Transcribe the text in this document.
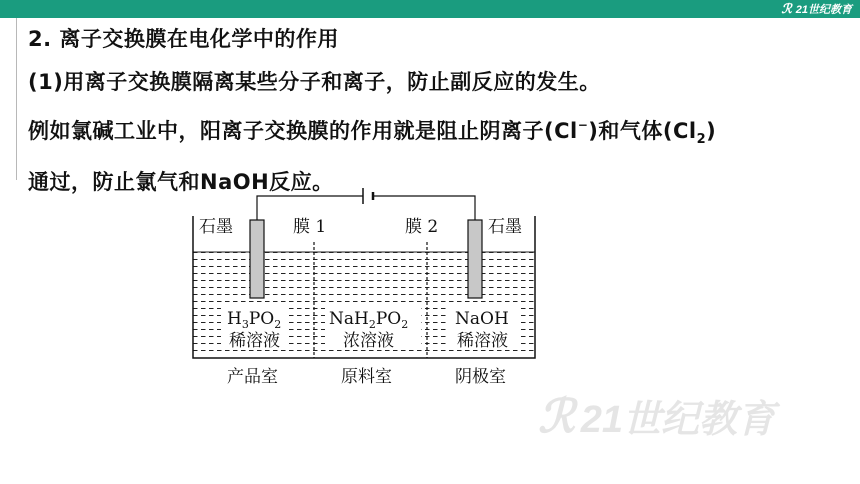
ℛ 21世纪教育
2. 离子交换膜在电化学中的作用
(1)用离子交换膜隔离某些分子和离子，防止副反应的发生。
例如氯碱工业中，阳离子交换膜的作用就是阻止阴离子(Cl−)和气体$(Cl_2)$
通过，防止氯气和NaOH反应。
石墨	膜 1	膜 2	石墨
$H_3PO_2$	$NaH_2PO_2$	NaOH
稀溶液	浓溶液	稀溶液
产品室	原料室	阴极室
ℛ 21世纪教育
